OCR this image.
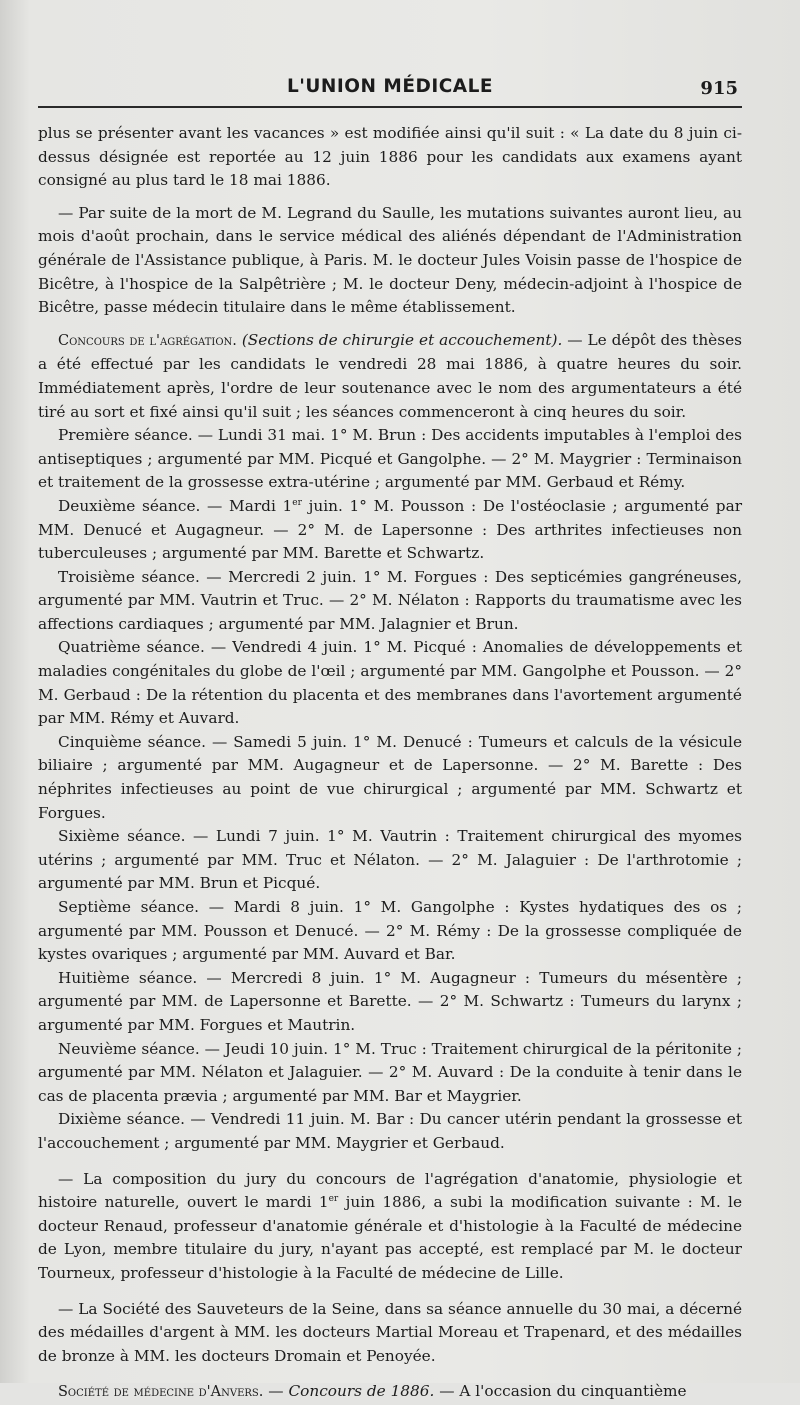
L'UNION MÉDICALE	915

plus se présenter avant les vacances » est modifiée ainsi qu'il suit : « La date du 8 juin ci-dessus désignée est reportée au 12 juin 1886 pour les candidats aux examens ayant consigné au plus tard le 18 mai 1886.

— Par suite de la mort de M. Legrand du Saulle, les mutations suivantes auront lieu, au mois d'août prochain, dans le service médical des aliénés dépendant de l'Administration générale de l'Assistance publique, à Paris. M. le docteur Jules Voisin passe de l'hospice de Bicêtre, à l'hospice de la Salpêtrière ; M. le docteur Deny, médecin-adjoint à l'hospice de Bicêtre, passe médecin titulaire dans le même établissement.

Concours de l'agrégation. (Sections de chirurgie et accouchement). — Le dépôt des thèses a été effectué par les candidats le vendredi 28 mai 1886, à quatre heures du soir. Immédiatement après, l'ordre de leur soutenance avec le nom des argumentateurs a été tiré au sort et fixé ainsi qu'il suit ; les séances commenceront à cinq heures du soir.

Première séance. — Lundi 31 mai. 1° M. Brun : Des accidents imputables à l'emploi des antiseptiques ; argumenté par MM. Picqué et Gangolphe. — 2° M. Maygrier : Terminaison et traitement de la grossesse extra-utérine ; argumenté par MM. Gerbaud et Rémy.

Deuxième séance. — Mardi 1er juin. 1° M. Pousson : De l'ostéoclasie ; argumenté par MM. Denucé et Augagneur. — 2° M. de Lapersonne : Des arthrites infectieuses non tuberculeuses ; argumenté par MM. Barette et Schwartz.

Troisième séance. — Mercredi 2 juin. 1° M. Forgues : Des septicémies gangréneuses, argumenté par MM. Vautrin et Truc. — 2° M. Nélaton : Rapports du traumatisme avec les affections cardiaques ; argumenté par MM. Jalagnier et Brun.

Quatrième séance. — Vendredi 4 juin. 1° M. Picqué : Anomalies de développements et maladies congénitales du globe de l'œil ; argumenté par MM. Gangolphe et Pousson. — 2° M. Gerbaud : De la rétention du placenta et des membranes dans l'avortement argumenté par MM. Rémy et Auvard.

Cinquième séance. — Samedi 5 juin. 1° M. Denucé : Tumeurs et calculs de la vésicule biliaire ; argumenté par MM. Augagneur et de Lapersonne. — 2° M. Barette : Des néphrites infectieuses au point de vue chirurgical ; argumenté par MM. Schwartz et Forgues.

Sixième séance. — Lundi 7 juin. 1° M. Vautrin : Traitement chirurgical des myomes utérins ; argumenté par MM. Truc et Nélaton. — 2° M. Jalaguier : De l'arthrotomie ; argumenté par MM. Brun et Picqué.

Septième séance. — Mardi 8 juin. 1° M. Gangolphe : Kystes hydatiques des os ; argumenté par MM. Pousson et Denucé. — 2° M. Rémy : De la grossesse compliquée de kystes ovariques ; argumenté par MM. Auvard et Bar.

Huitième séance. — Mercredi 8 juin. 1° M. Augagneur : Tumeurs du mésentère ; argumenté par MM. de Lapersonne et Barette. — 2° M. Schwartz : Tumeurs du larynx ; argumenté par MM. Forgues et Mautrin.

Neuvième séance. — Jeudi 10 juin. 1° M. Truc : Traitement chirurgical de la péritonite ; argumenté par MM. Nélaton et Jalaguier. — 2° M. Auvard : De la conduite à tenir dans le cas de placenta prævia ; argumenté par MM. Bar et Maygrier.

Dixième séance. — Vendredi 11 juin. M. Bar : Du cancer utérin pendant la grossesse et l'accouchement ; argumenté par MM. Maygrier et Gerbaud.

— La composition du jury du concours de l'agrégation d'anatomie, physiologie et histoire naturelle, ouvert le mardi 1er juin 1886, a subi la modification suivante : M. le docteur Renaud, professeur d'anatomie générale et d'histologie à la Faculté de médecine de Lyon, membre titulaire du jury, n'ayant pas accepté, est remplacé par M. le docteur Tourneux, professeur d'histologie à la Faculté de médecine de Lille.

— La Société des Sauveteurs de la Seine, dans sa séance annuelle du 30 mai, a décerné des médailles d'argent à MM. les docteurs Martial Moreau et Trapenard, et des médailles de bronze à MM. les docteurs Dromain et Penoyée.

Société de médecine d'Anvers. — Concours de 1886. — A l'occasion du cinquantième
